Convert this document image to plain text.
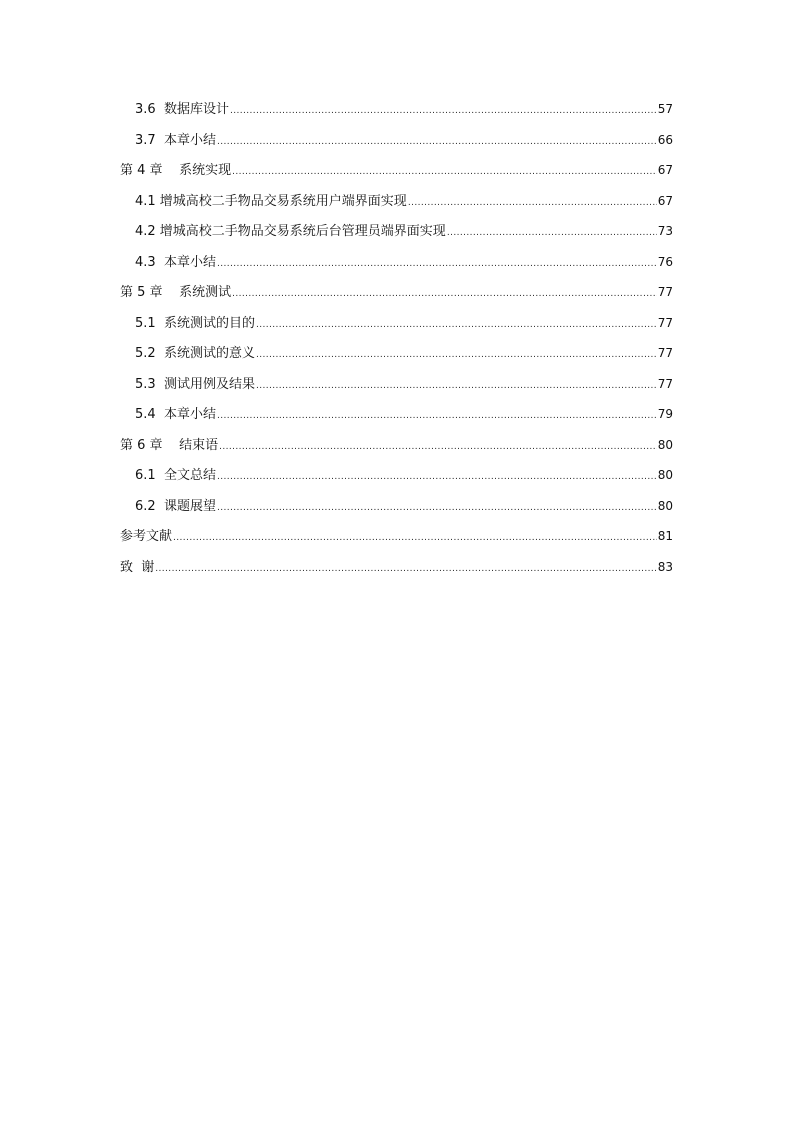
3.6  数据库设计 .....	57
3.7  本章小结 .....	66
第 4 章    系统实现 .....	67
4.1 增城高校二手物品交易系统用户端界面实现 .....	67
4.2 增城高校二手物品交易系统后台管理员端界面实现 .....	73
4.3  本章小结 .....	76
第 5 章    系统测试 .....	77
5.1  系统测试的目的 .....	77
5.2  系统测试的意义 .....	77
5.3  测试用例及结果 .....	77
5.4  本章小结 .....	79
第 6 章    结束语 .....	80
6.1  全文总结 .....	80
6.2  课题展望 .....	80
参考文献 .....	81
致  谢 .....	83
